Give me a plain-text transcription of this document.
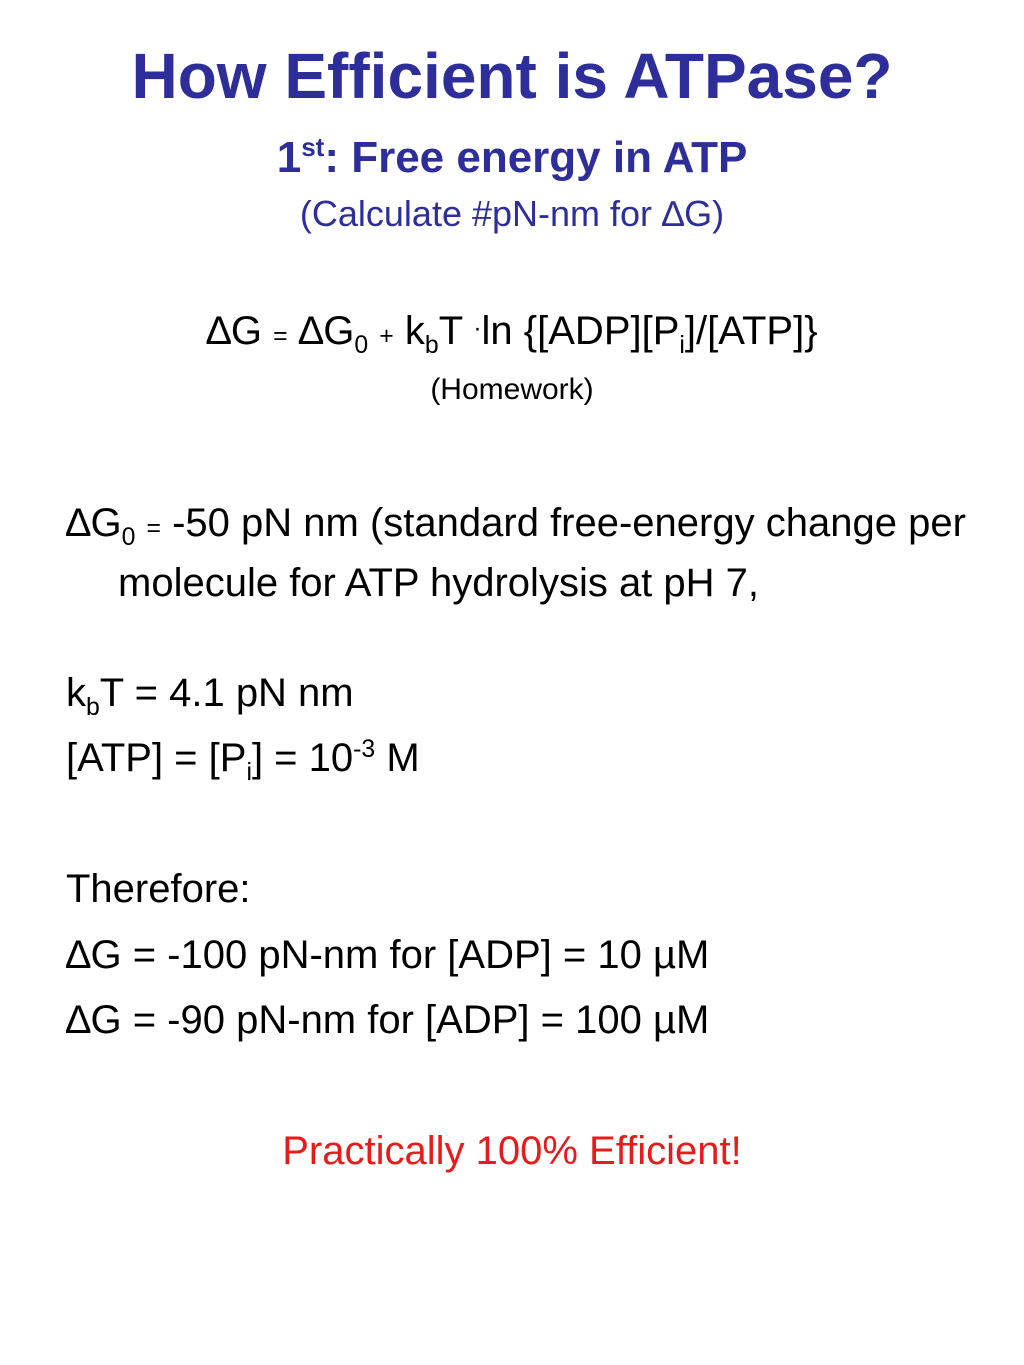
How Efficient is ATPase?
1st: Free energy in ATP
(Calculate #pN-nm for ∆G)
$\Delta G = \Delta G_0 + k_bT$ ·ln $\{[ADP][P_i]/[ATP]\}$
(Homework)
$\Delta G_0 = -50$ pN nm (standard free-energy change per molecule for ATP hydrolysis at pH 7,
$k_bT = 4.1$ pN nm
$[ATP] = [P_i] = 10^{-3}$ M
Therefore:
∆G = -100 pN-nm for [ADP] = 10 µM
∆G = -90 pN-nm for [ADP] = 100 µM
Practically 100% Efficient!
